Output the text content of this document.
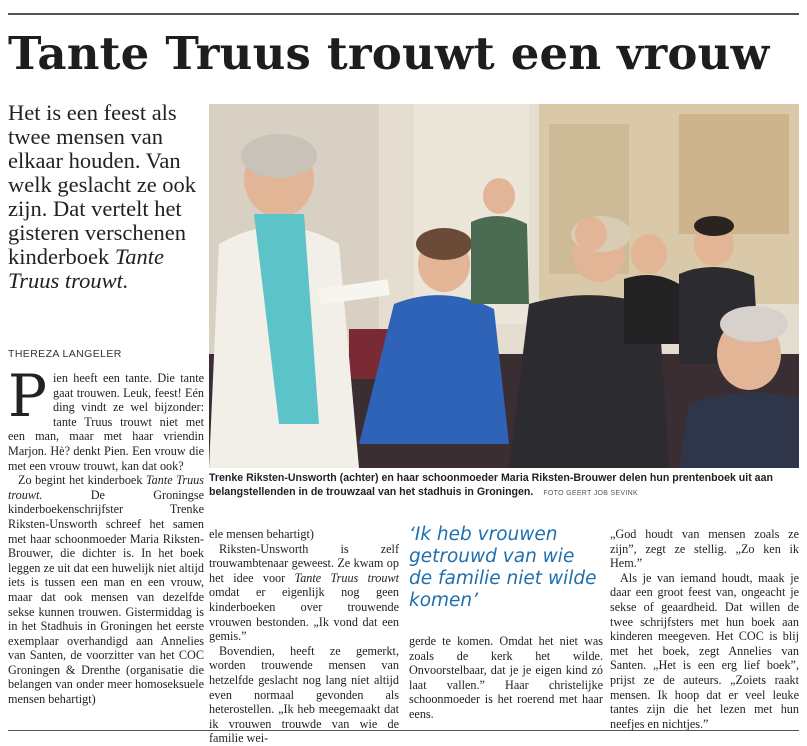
Tante Truus trouwt een vrouw
Het is een feest als twee mensen van elkaar houden. Van welk geslacht ze ook zijn. Dat vertelt het gisteren verschenen kinderboek Tante Truus trouwt.
THEREZA LANGELER

Pien heeft een tante. Die tante gaat trouwen. Leuk, feest! Eén ding vindt ze wel bijzonder: tante Truus trouwt niet met een man, maar met haar vriendin Marjon. Hè? denkt Pien. Een vrouw die met een vrouw trouwt, kan dat ook?

Zo begint het kinderboek Tante Truus trouwt.	De Groningse kinderboekenschrijfster Trenke Riksten-Unsworth schreef het samen met haar schoonmoeder Maria Riksten-Brouwer, die dichter is. In het boek leggen ze uit dat een huwelijk niet altijd iets is tussen een man en een vrouw, maar dat ook mensen van dezelfde sekse kunnen trouwen. Gistermiddag is in het Stadhuis in Groningen het eerste exemplaar overhandigd aan Annelies van Santen, de voorzitter van het COC Groningen & Drenthe (organisatie die belangen van onder meer homoseksuele mensen behartigt)

Trenke Riksten-Unsworth (achter) en haar schoonmoeder Maria Riksten-Brouwer delen hun prentenboek uit aan belangstellenden in de trouwzaal van het stadhuis in Groningen. FOTO GEERT JOB SEVINK

ele mensen behartigt)

Riksten-Unsworth is zelf trouwambtenaar geweest. Ze kwam op het idee voor Tante Truus trouwt omdat er eigenlijk nog geen kinderboeken over trouwende vrouwen bestonden. „Ik vond dat een gemis.”

Bovendien, heeft ze gemerkt, worden trouwende mensen van hetzelfde geslacht nog lang niet altijd even normaal gevonden als heterostellen. „Ik heb meegemaakt dat ik vrouwen trouwde van wie de familie wei-

‘Ik heb vrouwen getrouwd van wie de familie niet wilde komen’

gerde te komen. Omdat het niet was zoals de kerk het wilde. Onvoorstelbaar, dat je je eigen kind zó laat vallen.” Haar christelijke schoonmoeder is het roerend met haar eens.

„God houdt van mensen zoals ze zijn”, zegt ze stellig. „Zo ken ik Hem.”

Als je van iemand houdt, maak je daar een groot feest van, ongeacht je sekse of geaardheid. Dat willen de twee schrijfsters met hun boek aan kinderen meegeven. Het COC is blij met het boek, zegt Annelies van Santen. „Het is een erg lief boek”, prijst ze de auteurs. „Zoiets raakt mensen. Ik hoop dat er veel leuke tantes zijn die het lezen met hun neefjes en nichtjes.”
